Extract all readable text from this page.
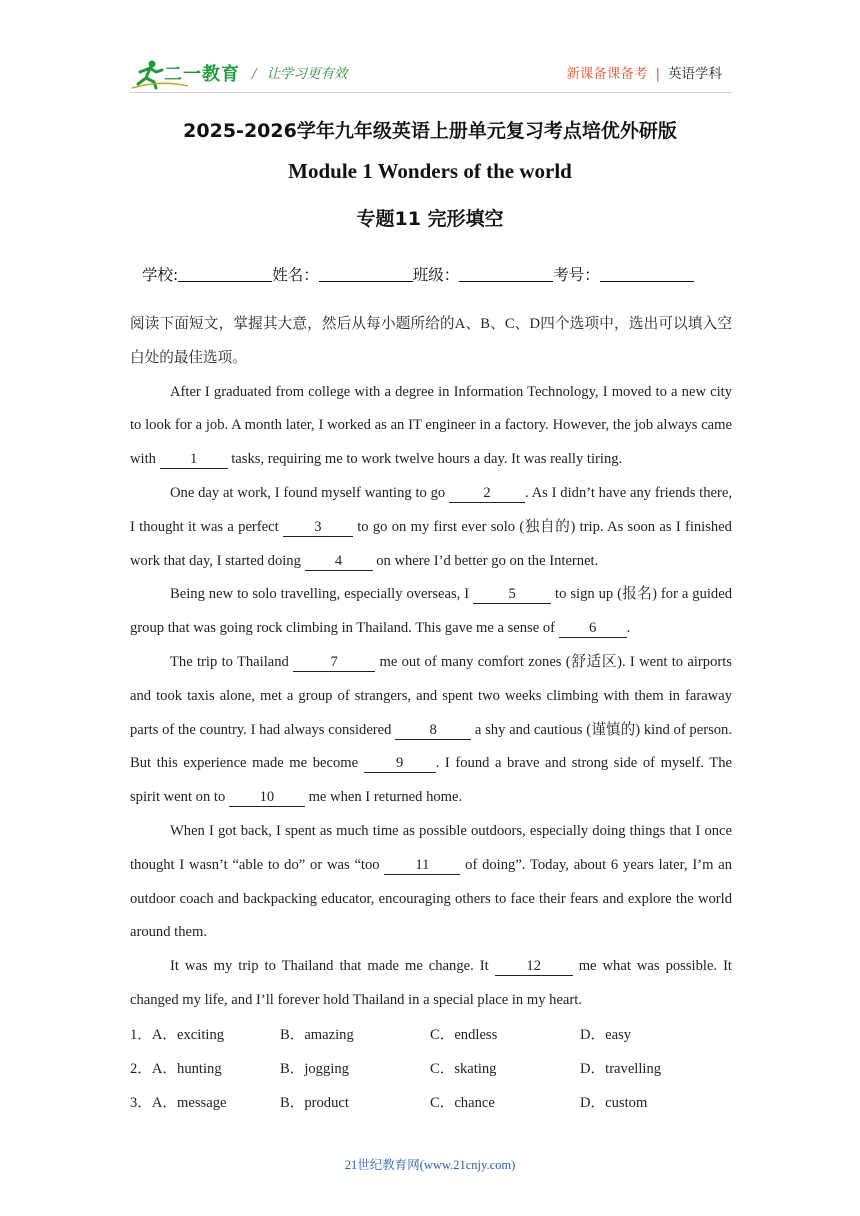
二一教育 / 让学习更有效	新课备课备考 | 英语学科
2025-2026学年九年级英语上册单元复习考点培优外研版
Module 1 Wonders of the world
专题11 完形填空
学校:	姓名：	班级：	考号：

阅读下面短文，掌握其大意，然后从每小题所给的A、B、C、D四个选项中，选出可以填入空白处的最佳选项。

After I graduated from college with a degree in Information Technology, I moved to a new city to look for a job. A month later, I worked as an IT engineer in a factory. However, the job always came with 1 tasks, requiring me to work twelve hours a day. It was really tiring.

One day at work, I found myself wanting to go 2 . As I didn’t have any friends there, I thought it was a perfect 3 to go on my first ever solo (独自的) trip. As soon as I finished work that day, I started doing 4 on where I’d better go on the Internet.

Being new to solo travelling, especially overseas, I 5 to sign up (报名) for a guided group that was going rock climbing in Thailand. This gave me a sense of 6 .

The trip to Thailand	7	me out of many comfort zones (舒适区). I went to airports and took taxis alone, met a group of strangers, and spent two weeks climbing with them in faraway parts of the country. I had always considered 8 a shy and cautious (谨慎的) kind of person. But this experience made me become 9 . I found a brave and strong side of myself. The spirit went on to 10 me when I returned home.

When I got back, I spent as much time as possible outdoors, especially doing things that I once thought I wasn’t “able to do” or was “too 11 of doing”. Today, about 6 years later, I’m an outdoor coach and backpacking educator, encouraging others to face their fears and explore the world around them.

It was my trip to Thailand that made me change. It 12 me what was possible. It changed my life, and I’ll forever hold Thailand in a special place in my heart.

1．A．exciting	B．amazing	C．endless	D．easy
2．A．hunting	B．jogging	C．skating	D．travelling
3．A．message	B．product	C．chance	D．custom
21世纪教育网(www.21cnjy.com)
